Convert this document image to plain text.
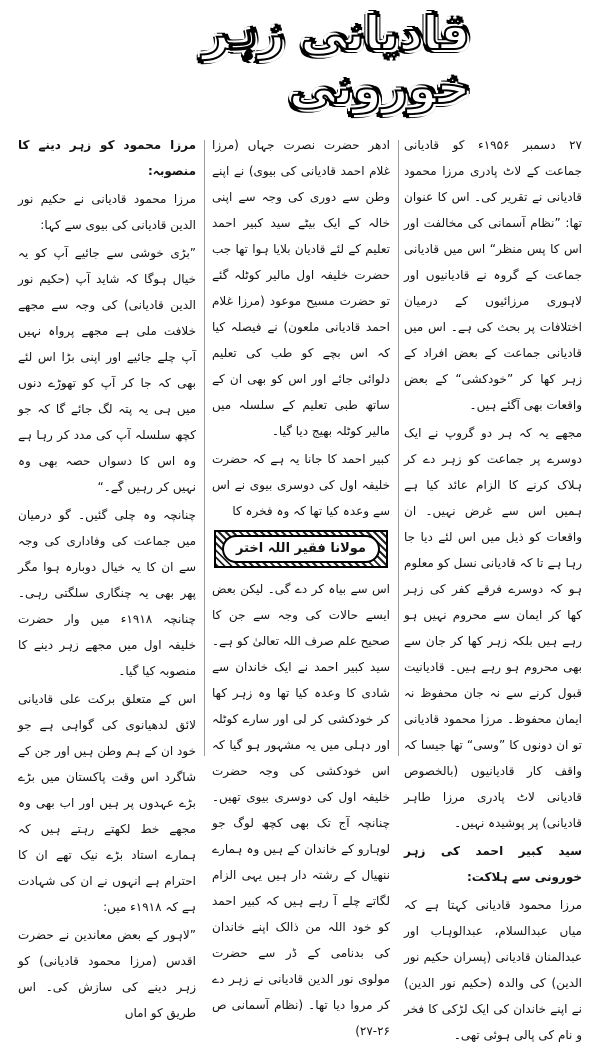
قادیانی زہر خورونی

۲۷ دسمبر ۱۹۵۶ء کو قادیانی جماعت کے لاٹ پادری مرزا محمود قادیانی نے تقریر کی۔ اس کا عنوان تھا: ”نظام آسمانی کی مخالفت اور اس کا پس منظر“ اس میں قادیانی جماعت کے گروہ نے قادیانیوں اور لاہوری مرزائیوں کے درمیان اختلافات پر بحث کی ہے۔ اس میں قادیانی جماعت کے بعض افراد کے زہر کھا کر ”خودکشی“ کے بعض واقعات بھی آگئے ہیں۔

مجھے یہ کہ ہر دو گروپ نے ایک دوسرے پر جماعت کو زہر دے کر ہلاک کرنے کا الزام عائد کیا ہے ہمیں اس سے غرض نہیں۔ ان واقعات کو ذیل میں اس لئے دیا جا رہا ہے تا کہ قادیانی نسل کو معلوم ہو کہ دوسرے فرقے کفر کی زہر کھا کر ایمان سے محروم نہیں ہو رہے ہیں بلکہ زہر کھا کر جان سے بھی محروم ہو رہے ہیں۔ قادیانیت قبول کرنے سے نہ جان محفوظ نہ ایمان محفوظ۔ مرزا محمود قادیانی تو ان دونوں کا ”وسی“ تھا جیسا کہ واقف کار قادیانیوں (بالخصوص قادیانی لاٹ پادری مرزا طاہر قادیانی) پر پوشیدہ نہیں۔

سید کبیر احمد کی زہر خورونی سے ہلاکت:

مرزا محمود قادیانی کہتا ہے کہ میاں عبدالسلام، عبدالوہاب اور عبدالمنان قادیانی (پسران حکیم نور الدین) کی والدہ (حکیم نور الدین) نے اپنے خاندان کی ایک لڑکی کا فخر و نام کی پالی ہوئی تھی۔

ادھر حضرت نصرت جہاں (مرزا غلام احمد قادیانی کی بیوی) نے اپنے وطن سے دوری کی وجہ سے اپنی خالہ کے ایک بیٹے سید کبیر احمد تعلیم کے لئے قادیان بلایا ہوا تھا جب حضرت خلیفہ اول مالیر کوٹلہ گئے تو حضرت مسیح موعود (مرزا غلام احمد قادیانی ملعون) نے فیصلہ کیا کہ اس بچے کو طب کی تعلیم دلوائی جائے اور اس کو بھی ان کے ساتھ طبی تعلیم کے سلسلہ میں مالیر کوٹلہ بھیج دیا گیا۔

کبیر احمد کا جانا یہ ہے کہ حضرت خلیفہ اول کی دوسری بیوی نے اس سے وعدہ کیا تھا کہ وہ فخرہ کا

مولانا فقیر اللہ اختر

اس سے بیاہ کر دے گی۔ لیکن بعض ایسے حالات کی وجہ سے جن کا صحیح علم صرف اللہ تعالیٰ کو ہے۔ سید کبیر احمد نے ایک خاندان سے شادی کا وعدہ کیا تھا وہ زہر کھا کر خودکشی کر لی اور سارے کوٹلہ اور دہلی میں یہ مشہور ہو گیا کہ اس خودکشی کی وجہ حضرت خلیفہ اول کی دوسری بیوی تھیں۔ چنانچہ آج تک بھی کچھ لوگ جو لوہارو کے خاندان کے ہیں وہ ہمارے ننھیال کے رشتہ دار ہیں یہی الزام لگاتے چلے آ رہے ہیں کہ کبیر احمد کو خود اللہ من ذالک اپنے خاندان کی بدنامی کے ڈر سے حضرت مولوی نور الدین قادیانی نے زہر دے کر مروا دیا تھا۔ (نظام آسمانی ص ۲۶-۲۷)

مرزا محمود کو زہر دینے کا منصوبہ:

مرزا محمود قادیانی نے حکیم نور الدین قادیانی کی بیوی سے کہا:

”بڑی خوشی سے جائیے آپ کو یہ خیال ہوگا کہ شاید آپ (حکیم نور الدین قادیانی) کی وجہ سے مجھے خلافت ملی ہے مجھے پرواہ نہیں آپ چلے جائیے اور اپنی بڑا اس لئے بھی کہ جا کر آپ کو تھوڑے دنوں میں ہی یہ پتہ لگ جائے گا کہ جو کچھ سلسلہ آپ کی مدد کر رہا ہے وہ اس کا دسواں حصہ بھی وہ نہیں کر رہیں گے۔“

چنانچہ وہ چلی گئیں۔ گو درمیان میں جماعت کی وفاداری کی وجہ سے ان کا یہ خیال دوبارہ ہوا مگر پھر بھی یہ چنگاری سلگتی رہی۔ چنانچہ ۱۹۱۸ء میں وار حضرت خلیفہ اول میں مجھے زہر دینے کا منصوبہ کیا گیا۔

اس کے متعلق برکت علی قادیانی لائق لدھیانوی کی گواہی ہے جو خود ان کے ہم وطن ہیں اور جن کے شاگرد اس وقت پاکستان میں بڑے بڑے عہدوں پر ہیں اور اب بھی وہ مجھے خط لکھتے رہتے ہیں کہ ہمارے استاد بڑے نیک تھے ان کا احترام ہے انہوں نے ان کی شہادت ہے کہ ۱۹۱۸ء میں:

”لاہور کے بعض معاندین نے حضرت اقدس (مرزا محمود قادیانی) کو زہر دینے کی سازش کی۔ اس طریق کو اماں
